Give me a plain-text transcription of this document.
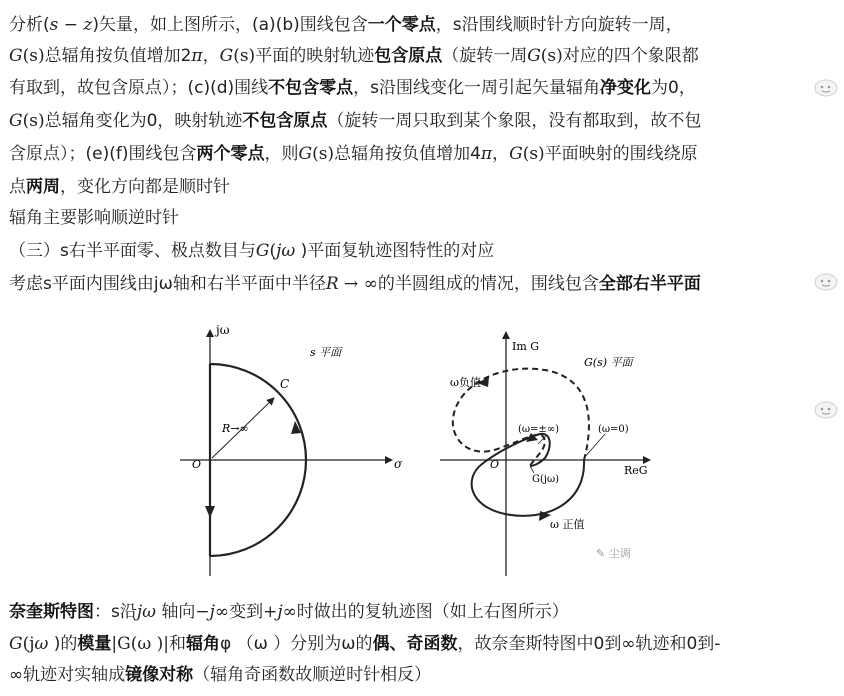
分析(s − z)矢量，如上图所示，(a)(b)围线包含一个零点，s沿围线顺时针方向旋转一周，
G(s)总辐角按负值增加2π，G(s)平面的映射轨迹包含原点（旋转一周G(s)对应的四个象限都
有取到，故包含原点）；(c)(d)围线不包含零点，s沿围线变化一周引起矢量辐角净变化为0，
G(s)总辐角变化为0，映射轨迹不包含原点（旋转一周只取到某个象限，没有都取到，故不包
含原点）；(e)(f)围线包含两个零点，则G(s)总辐角按负值增加4π，G(s)平面映射的围线绕原
点两周，变化方向都是顺时针
辐角主要影响顺逆时针
（三）s右半平面零、极点数目与G(jω )平面复轨迹图特性的对应
考虑s平面内围线由jω轴和右半平面中半径R → ∞的半圆组成的情况，围线包含全部右半平面
jω
s 平面
C
R→∞
O	σ
Im G
G(s) 平面
ω负值
(ω=±∞)	(ω=0)
G(jω)
ω 正值
O	ReG
✎ 尘调
奈奎斯特图：s沿jω 轴向−j∞变到+j∞时做出的复轨迹图（如上右图所示）
G(jω )的模量|G(ω )|和辐角φ （ω ）分别为ω的偶、奇函数，故奈奎斯特图中0到∞轨迹和0到-
∞轨迹对实轴成镜像对称（辐角奇函数故顺逆时针相反）
